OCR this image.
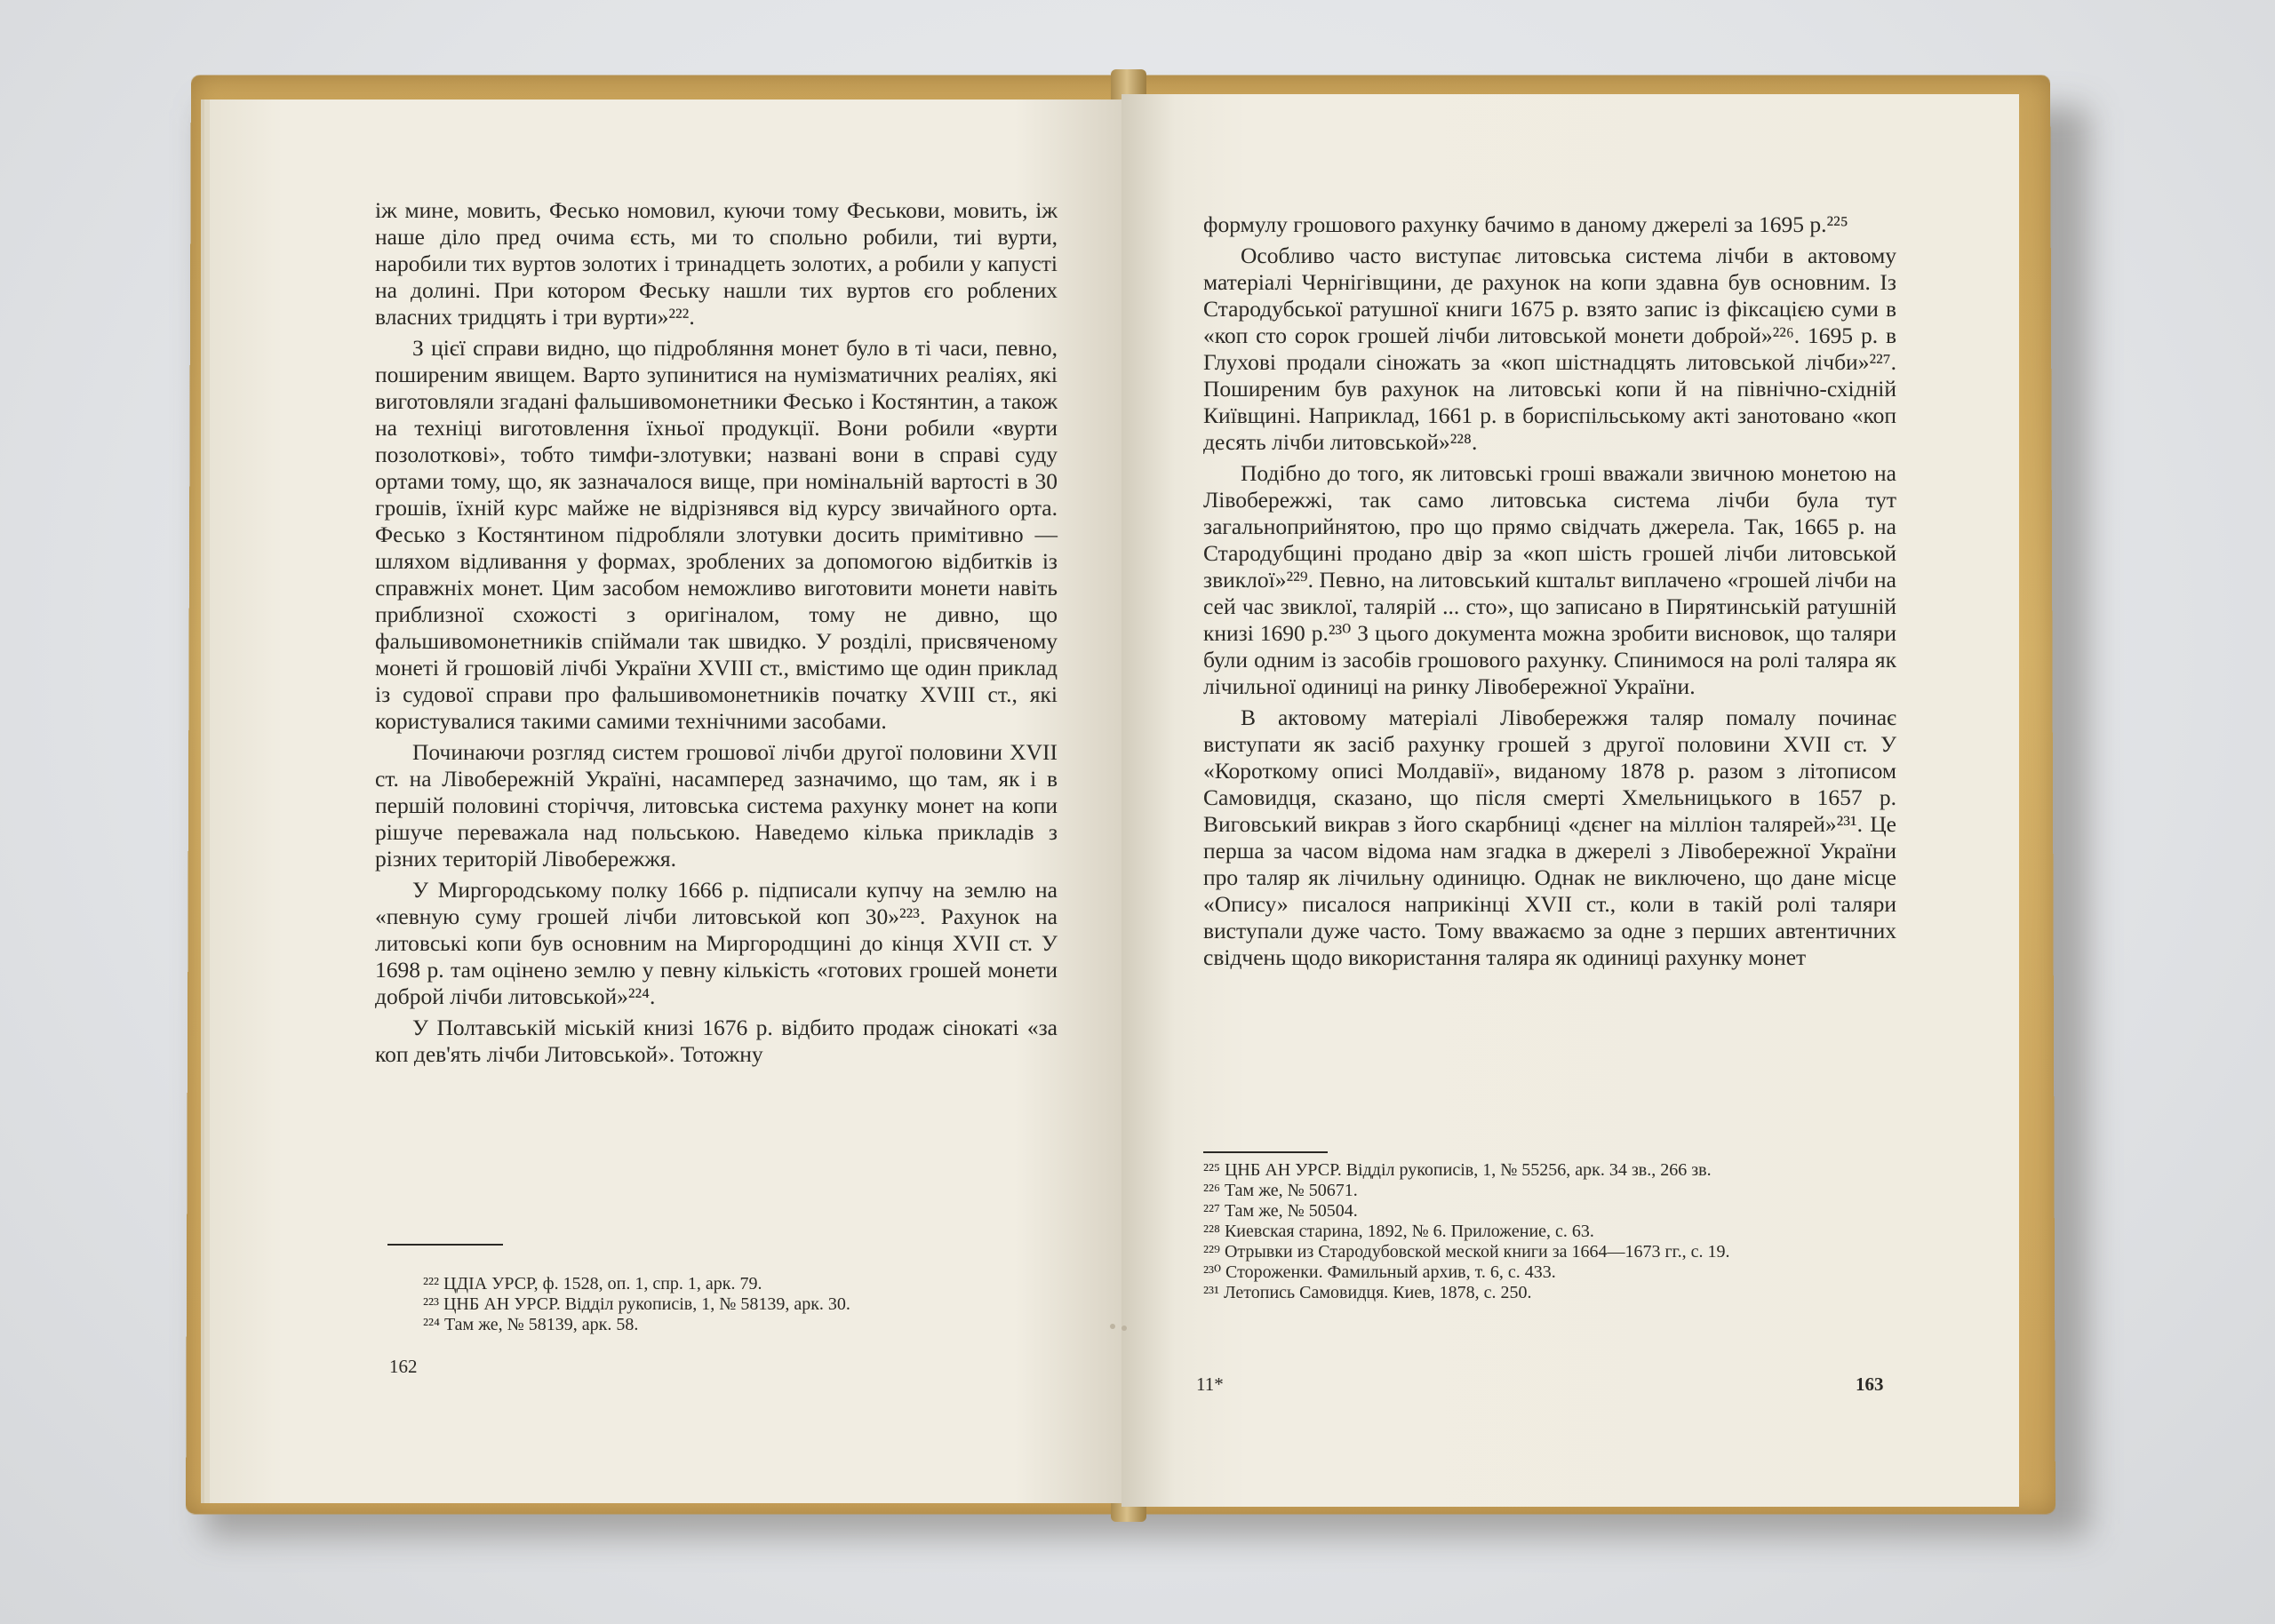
іж мине, мовить, Фесько номовил, куючи тому Феськови, мовить, іж наше діло пред очима єсть, ми то спольно робили, тиі вурти, наробили тих вуртов золотих і тринадцеть золотих, а робили у капусті на долині. При котором Феську нашли тих вуртов єго роблених власних тридцять і три вурти»²²².

З цієї справи видно, що підробляння монет було в ті часи, певно, поширеним явищем. Варто зупинитися на нумізматичних реаліях, які виготовляли згадані фальшивомонетники Фесько і Костянтин, а також на техніці виготовлення їхньої продукції. Вони робили «вурти позолоткові», тобто тимфи-злотувки; названі вони в справі суду ортами тому, що, як зазначалося вище, при номінальній вартості в 30 грошів, їхній курс майже не відрізнявся від курсу звичайного орта. Фесько з Костянтином підробляли злотувки досить примітивно — шляхом відливання у формах, зроблених за допомогою відбитків із справжніх монет. Цим засобом неможливо виготовити монети навіть приблизної схожості з оригіналом, тому не дивно, що фальшивомонетників спіймали так швидко. У розділі, присвяченому монеті й грошовій лічбі України XVIII ст., вмістимо ще один приклад із судової справи про фальшивомонетників початку XVIII ст., які користувалися такими самими технічними засобами.

Починаючи розгляд систем грошової лічби другої половини XVII ст. на Лівобережній Україні, насамперед зазначимо, що там, як і в першій половині сторіччя, литовська система рахунку монет на копи рішуче переважала над польською. Наведемо кілька прикладів з різних територій Лівобережжя.

У Миргородському полку 1666 р. підписали купчу на землю на «певную суму грошей лічби литовськой коп 30»²²³. Рахунок на литовські копи був основним на Миргородщині до кінця XVII ст. У 1698 р. там оцінено землю у певну кількість «готових грошей монети доброй лічби литовськой»²²⁴.

У Полтавській міській книзі 1676 р. відбито продаж сінокаті «за коп дев'ять лічби Литовськой». Тотожну

²²² ЦДІА УРСР, ф. 1528, оп. 1, спр. 1, арк. 79.
²²³ ЦНБ АН УРСР. Відділ рукописів, 1, № 58139, арк. 30.
²²⁴ Там же, № 58139, арк. 58.
162

формулу грошового рахунку бачимо в даному джерелі за 1695 р.²²⁵

Особливо часто виступає литовська система лічби в актовому матеріалі Чернігівщини, де рахунок на копи здавна був основним. Із Стародубської ратушної книги 1675 р. взято запис із фіксацією суми в «коп сто сорок грошей лічби литовськой монети доброй»²²⁶. 1695 р. в Глухові продали сіножать за «коп шістнадцять литовськой лічби»²²⁷. Поширеним був рахунок на литовські копи й на північно-східній Київщині. Наприклад, 1661 р. в бориспільському акті занотовано «коп десять лічби литовськой»²²⁸.

Подібно до того, як литовські гроші вважали звичною монетою на Лівобережжі, так само литовська система лічби була тут загальноприйнятою, про що прямо свідчать джерела. Так, 1665 р. на Стародубщині продано двір за «коп шість грошей лічби литовськой звиклої»²²⁹. Певно, на литовський кштальт виплачено «грошей лічби на сей час звиклої, талярій ... сто», що записано в Пирятинській ратушній книзі 1690 р.²³⁰ З цього документа можна зробити висновок, що таляри були одним із засобів грошового рахунку. Спинимося на ролі таляра як лічильної одиниці на ринку Лівобережної України.

В актовому матеріалі Лівобережжя таляр помалу починає виступати як засіб рахунку грошей з другої половини XVII ст. У «Короткому описі Молдавії», виданому 1878 р. разом з літописом Самовидця, сказано, що після смерті Хмельницького в 1657 р. Виговський викрав з його скарбниці «дєнег на мілліон талярей»²³¹. Це перша за часом відома нам згадка в джерелі з Лівобережної України про таляр як лічильну одиницю. Однак не виключено, що дане місце «Опису» писалося наприкінці XVII ст., коли в такій ролі таляри виступали дуже часто. Тому вважаємо за одне з перших автентичних свідчень щодо використання таляра як одиниці рахунку монет

²²⁵ ЦНБ АН УРСР. Відділ рукописів, 1, № 55256, арк. 34 зв., 266 зв.
²²⁶ Там же, № 50671.
²²⁷ Там же, № 50504.
²²⁸ Киевская старина, 1892, № 6. Приложение, с. 63.
²²⁹ Отрывки из Стародубовской меской книги за 1664—1673 гг., с. 19.
²³⁰ Стороженки. Фамильный архив, т. 6, с. 433.
²³¹ Летопись Самовидця. Киев, 1878, с. 250.
11*	163
